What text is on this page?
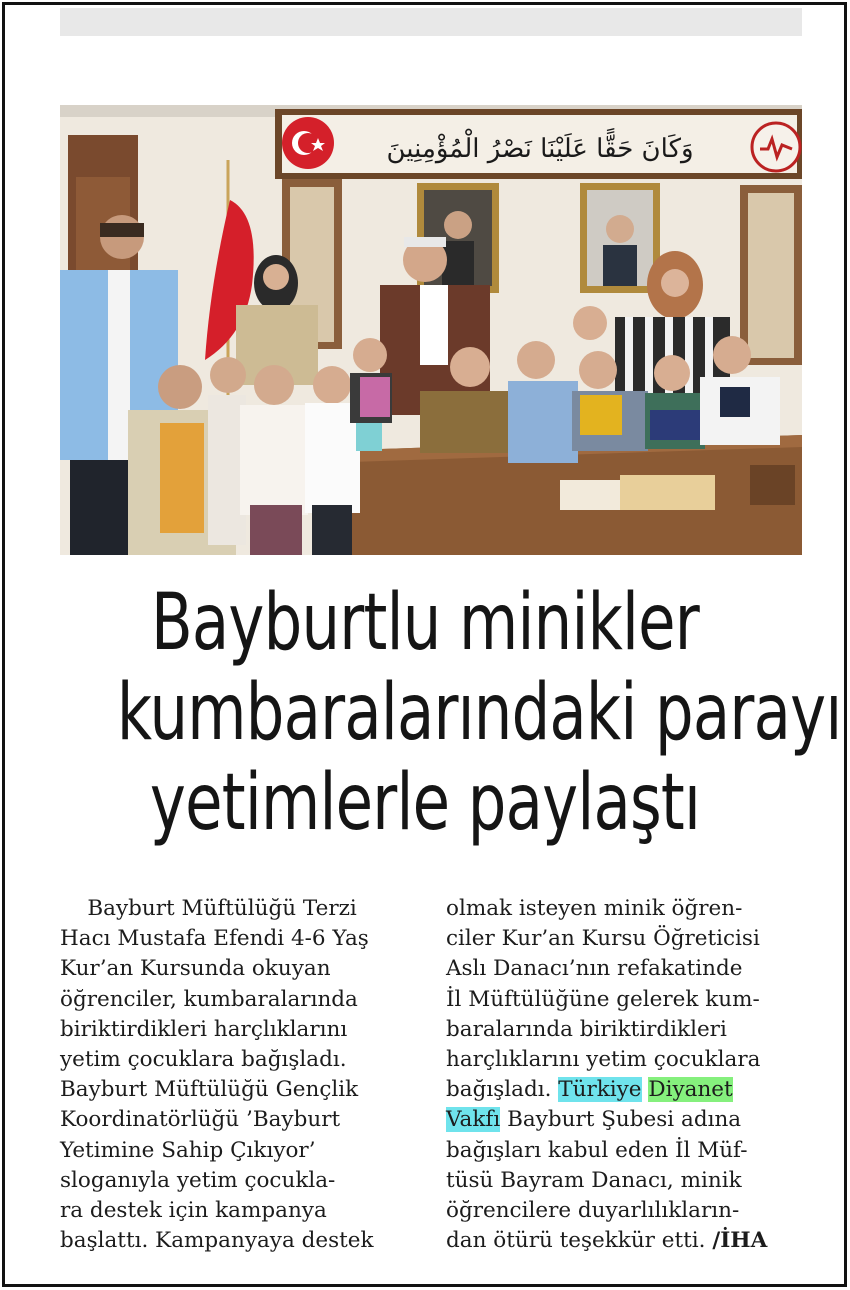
وَكَانَ حَقًّا عَلَيْنَا نَصْرُ الْمُؤْمِنِينَ
Bayburtlu minikler
kumbaralarındaki parayı
yetimlerle paylaştı
Bayburt Müftülüğü Terzi
Hacı Mustafa Efendi 4-6 Yaş
Kur’an Kursunda okuyan
öğrenciler, kumbaralarında
biriktirdikleri harçlıklarını
yetim çocuklara bağışladı.
Bayburt Müftülüğü Gençlik
Koordinatörlüğü ’Bayburt
Yetimine Sahip Çıkıyor’
sloganıyla yetim çocukla-
ra destek için kampanya
başlattı. Kampanyaya destek
olmak isteyen minik öğren-
ciler Kur’an Kursu Öğreticisi
Aslı Danacı’nın refakatinde
İl Müftülüğüne gelerek kum-
baralarında biriktirdikleri
harçlıklarını yetim çocuklara
bağışladı. Türkiye Diyanet
Vakfı Bayburt Şubesi adına
bağışları kabul eden İl Müf-
tüsü Bayram Danacı, minik
öğrencilere duyarlılıkların-
dan ötürü teşekkür etti. /İHA
